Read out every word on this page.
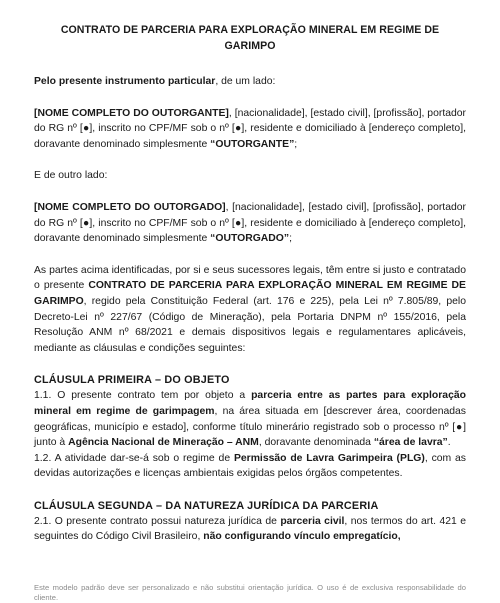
CONTRATO DE PARCERIA PARA EXPLORAÇÃO MINERAL EM REGIME DE GARIMPO

Pelo presente instrumento particular, de um lado:

[NOME COMPLETO DO OUTORGANTE], [nacionalidade], [estado civil], [profissão], portador do RG nº [●], inscrito no CPF/MF sob o nº [●], residente e domiciliado à [endereço completo], doravante denominado simplesmente “OUTORGANTE”;

E de outro lado:

[NOME COMPLETO DO OUTORGADO], [nacionalidade], [estado civil], [profissão], portador do RG nº [●], inscrito no CPF/MF sob o nº [●], residente e domiciliado à [endereço completo], doravante denominado simplesmente “OUTORGADO”;

As partes acima identificadas, por si e seus sucessores legais, têm entre si justo e contratado o presente CONTRATO DE PARCERIA PARA EXPLORAÇÃO MINERAL EM REGIME DE GARIMPO, regido pela Constituição Federal (art. 176 e 225), pela Lei nº 7.805/89, pelo Decreto-Lei nº 227/67 (Código de Mineração), pela Portaria DNPM nº 155/2016, pela Resolução ANM nº 68/2021 e demais dispositivos legais e regulamentares aplicáveis, mediante as cláusulas e condições seguintes:

CLÁUSULA PRIMEIRA – DO OBJETO

1.1. O presente contrato tem por objeto a parceria entre as partes para exploração mineral em regime de garimpagem, na área situada em [descrever área, coordenadas geográficas, município e estado], conforme título minerário registrado sob o processo nº [●] junto à Agência Nacional de Mineração – ANM, doravante denominada “área de lavra”.

1.2. A atividade dar-se-á sob o regime de Permissão de Lavra Garimpeira (PLG), com as devidas autorizações e licenças ambientais exigidas pelos órgãos competentes.

CLÁUSULA SEGUNDA – DA NATUREZA JURÍDICA DA PARCERIA

2.1. O presente contrato possui natureza jurídica de parceria civil, nos termos do art. 421 e seguintes do Código Civil Brasileiro, não configurando vínculo empregatício,

Este modelo padrão deve ser personalizado e não substitui orientação jurídica. O uso é de exclusiva responsabilidade do cliente.
